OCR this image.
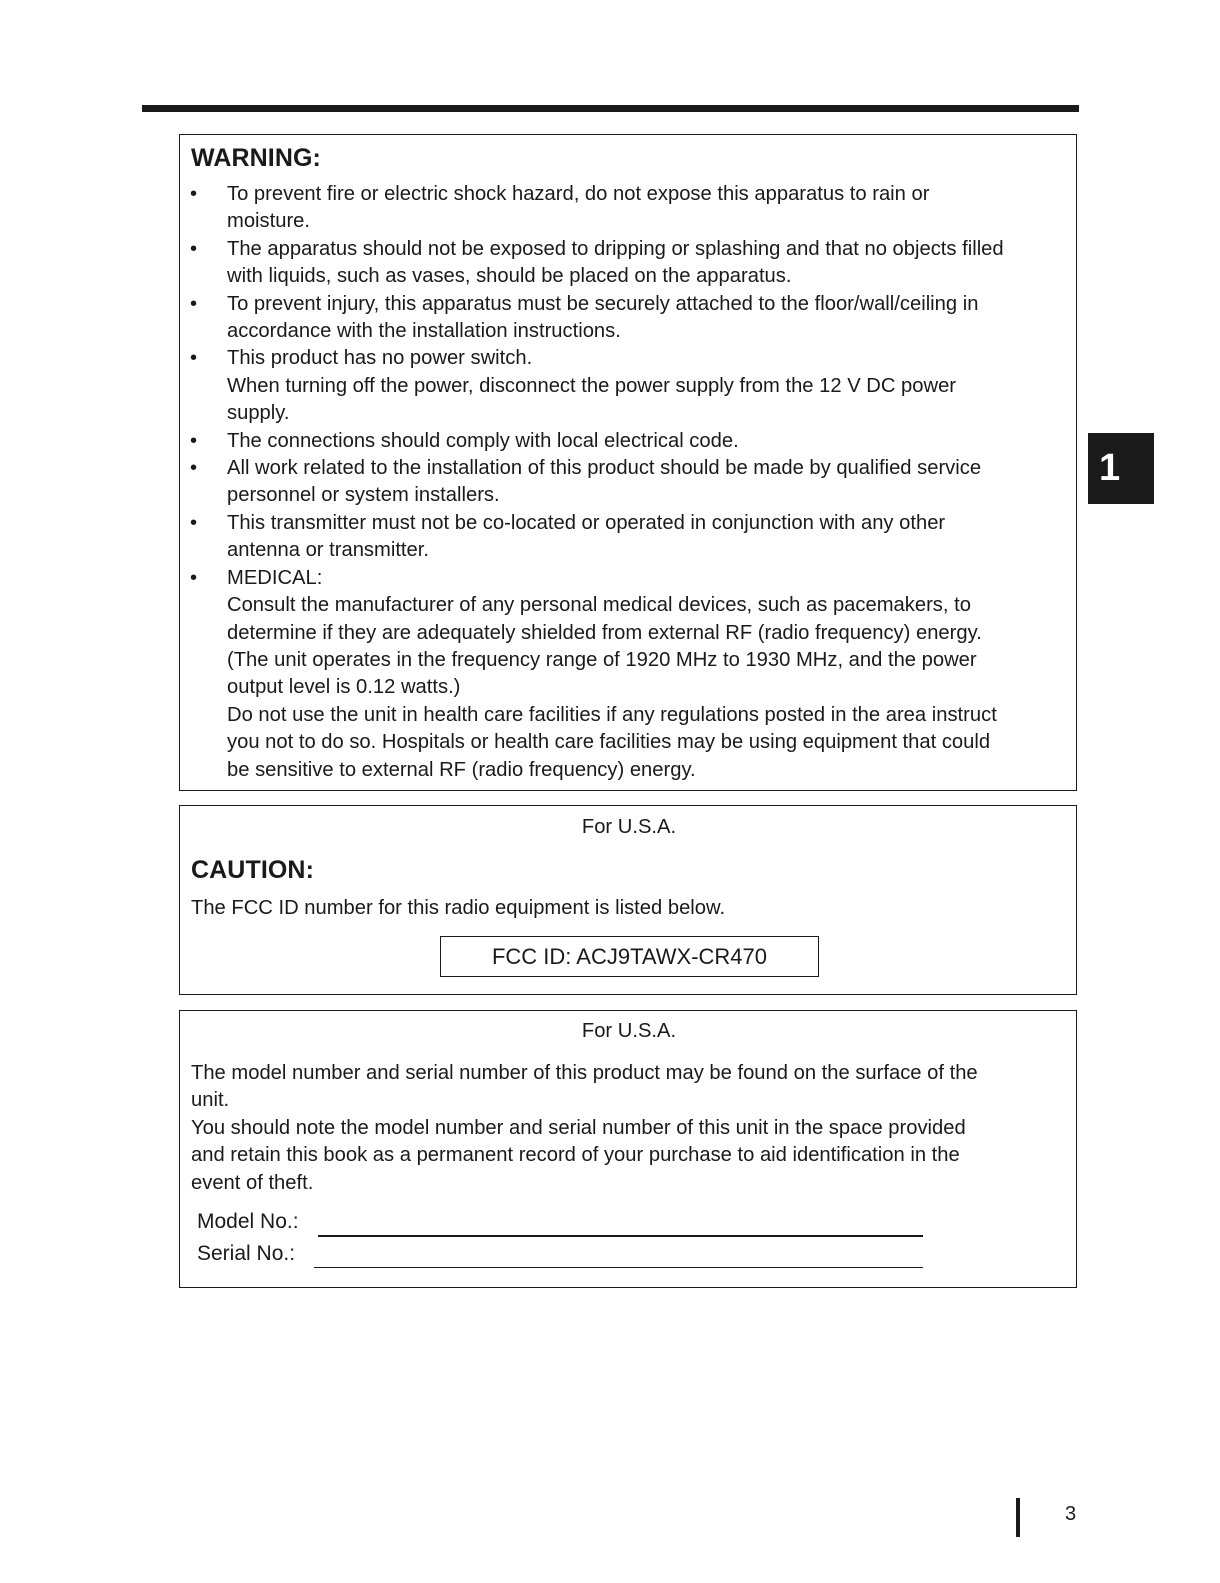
WARNING:
• To prevent fire or electric shock hazard, do not expose this apparatus to rain or
moisture.
• The apparatus should not be exposed to dripping or splashing and that no objects filled
with liquids, such as vases, should be placed on the apparatus.
• To prevent injury, this apparatus must be securely attached to the floor/wall/ceiling in
accordance with the installation instructions.
• This product has no power switch.
When turning off the power, disconnect the power supply from the 12 V DC power
supply.
• The connections should comply with local electrical code.
• All work related to the installation of this product should be made by qualified service
personnel or system installers.
• This transmitter must not be co-located or operated in conjunction with any other
antenna or transmitter.
• MEDICAL:
Consult the manufacturer of any personal medical devices, such as pacemakers, to
determine if they are adequately shielded from external RF (radio frequency) energy.
(The unit operates in the frequency range of 1920 MHz to 1930 MHz, and the power
output level is 0.12 watts.)
Do not use the unit in health care facilities if any regulations posted in the area instruct
you not to do so. Hospitals or health care facilities may be using equipment that could
be sensitive to external RF (radio frequency) energy.
For U.S.A.
CAUTION:
The FCC ID number for this radio equipment is listed below.
FCC ID: ACJ9TAWX-CR470
For U.S.A.
The model number and serial number of this product may be found on the surface of the
unit.
You should note the model number and serial number of this unit in the space provided
and retain this book as a permanent record of your purchase to aid identification in the
event of theft.
Model No.:
Serial No.:
1
3
